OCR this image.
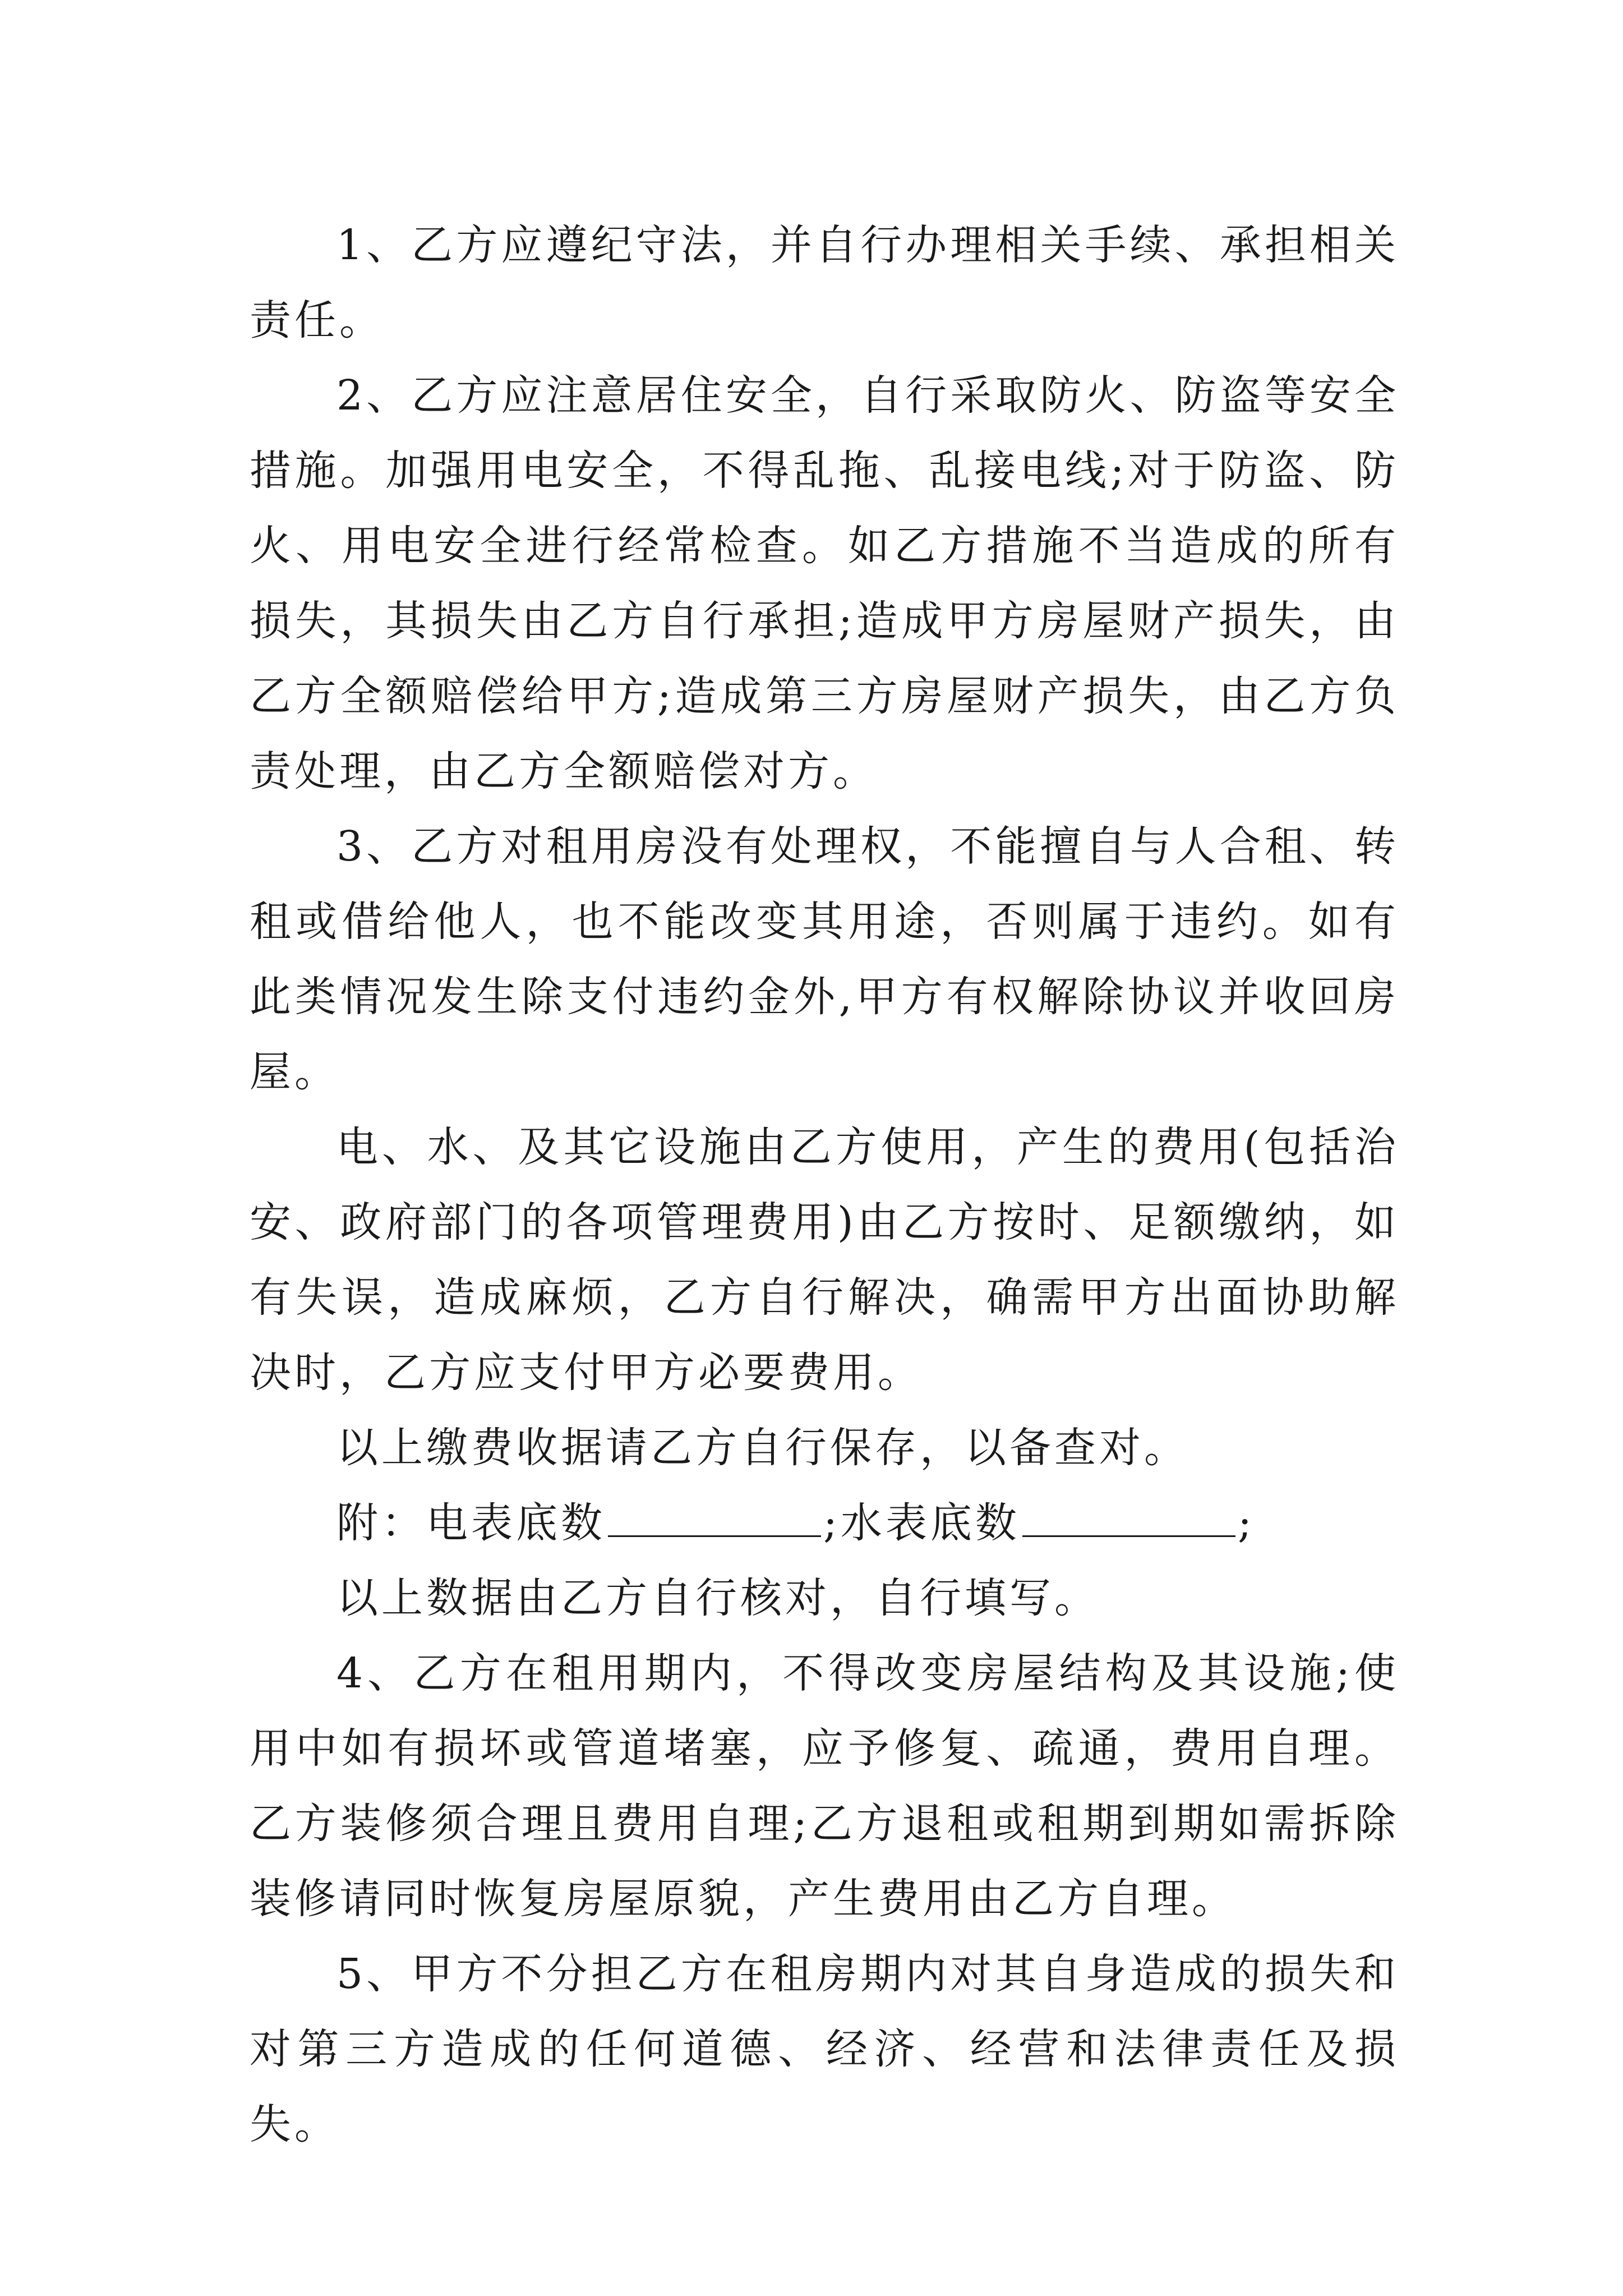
1、乙方应遵纪守法，并自行办理相关手续、承担相关责任。

2、乙方应注意居住安全，自行采取防火、防盗等安全措施。加强用电安全，不得乱拖、乱接电线;对于防盗、防火、用电安全进行经常检查。如乙方措施不当造成的所有损失，其损失由乙方自行承担;造成甲方房屋财产损失，由乙方全额赔偿给甲方;造成第三方房屋财产损失，由乙方负责处理，由乙方全额赔偿对方。

3、乙方对租用房没有处理权，不能擅自与人合租、转租或借给他人，也不能改变其用途，否则属于违约。如有此类情况发生除支付违约金外,甲方有权解除协议并收回房屋。

电、水、及其它设施由乙方使用，产生的费用(包括治安、政府部门的各项管理费用)由乙方按时、足额缴纳，如有失误，造成麻烦，乙方自行解决，确需甲方出面协助解决时，乙方应支付甲方必要费用。

以上缴费收据请乙方自行保存，以备查对。

附：电表底数	;水表底数	;

以上数据由乙方自行核对，自行填写。

4、乙方在租用期内，不得改变房屋结构及其设施;使用中如有损坏或管道堵塞，应予修复、疏通，费用自理。乙方装修须合理且费用自理;乙方退租或租期到期如需拆除装修请同时恢复房屋原貌，产生费用由乙方自理。

5、甲方不分担乙方在租房期内对其自身造成的损失和对第三方造成的任何道德、经济、经营和法律责任及损失。
